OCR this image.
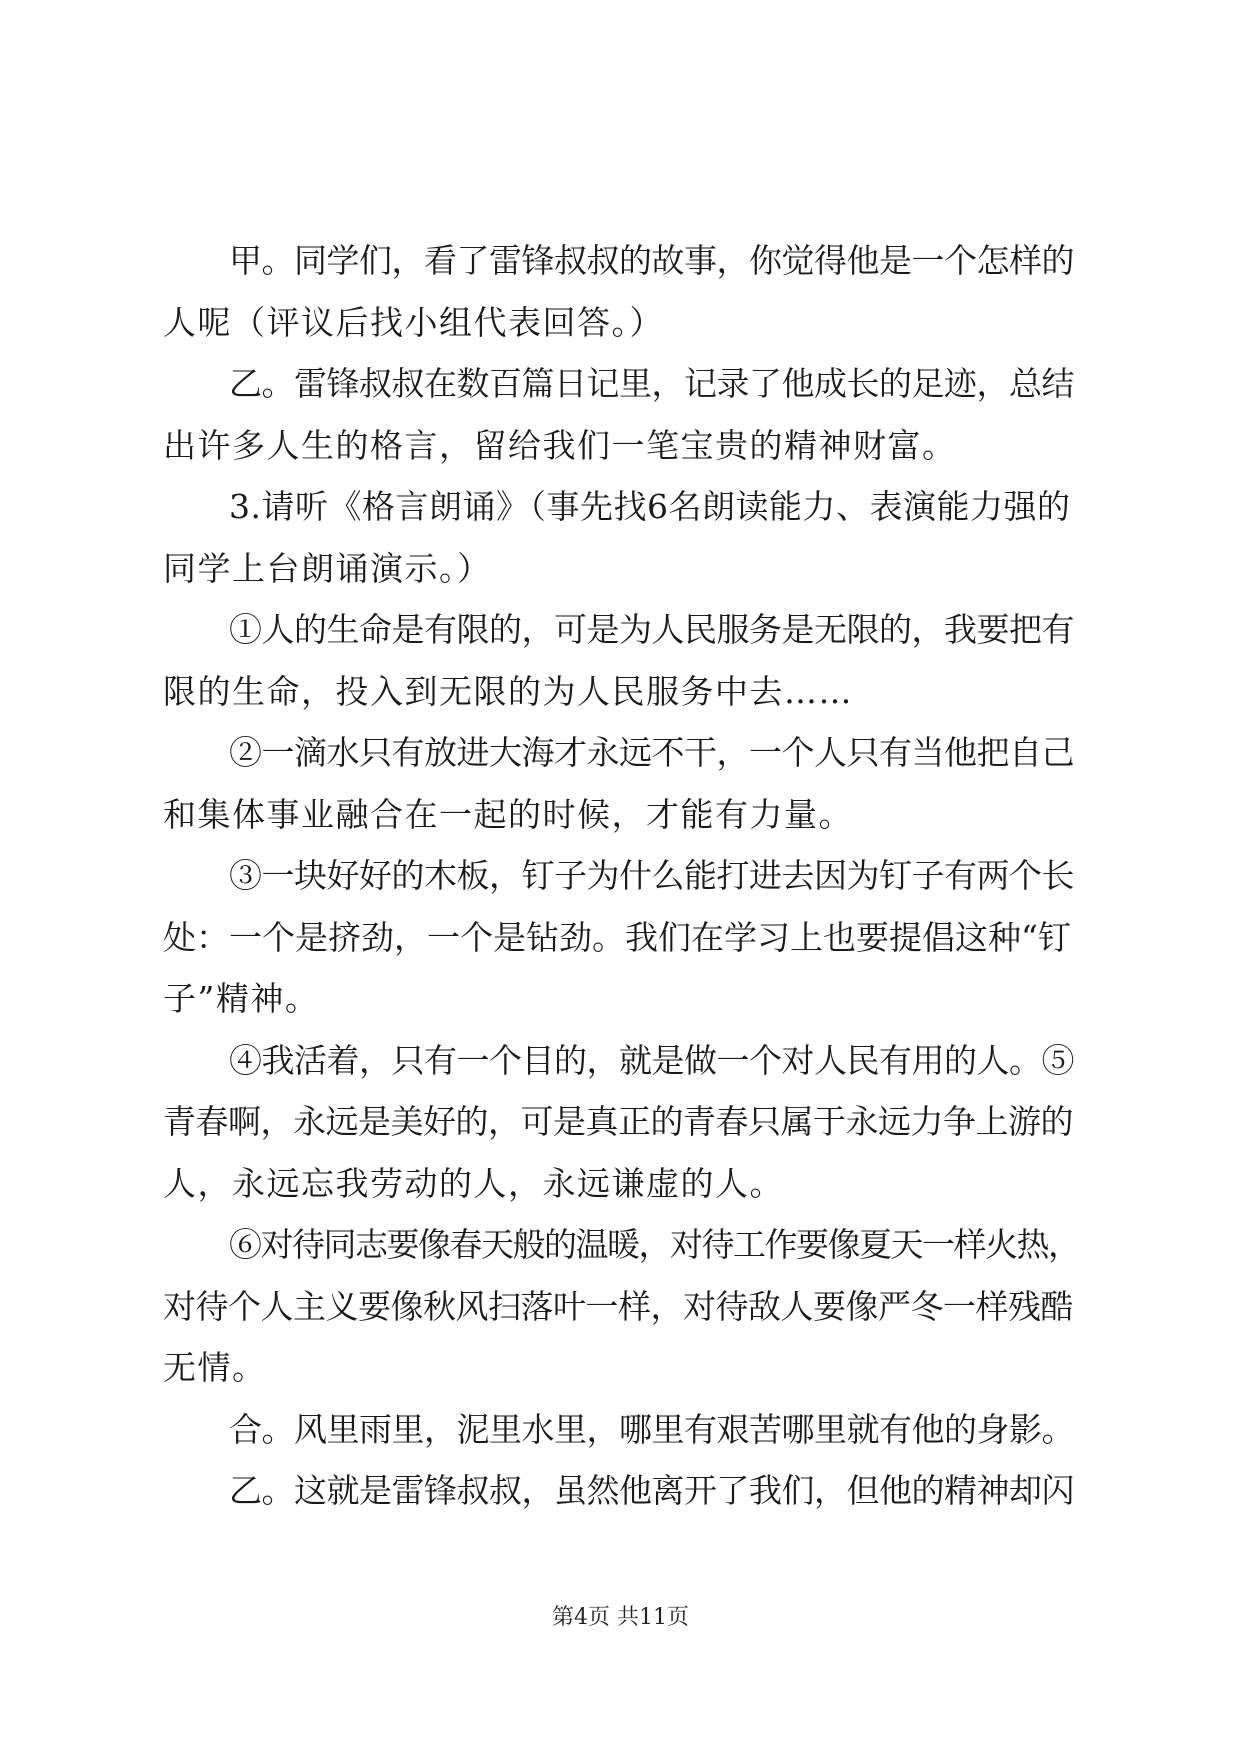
甲。同学们，看了雷锋叔叔的故事，你觉得他是一个怎样的
人呢（评议后找小组代表回答。）
乙。雷锋叔叔在数百篇日记里，记录了他成长的足迹，总结
出许多人生的格言，留给我们一笔宝贵的精神财富。
3.请听《格言朗诵》（事先找6名朗读能力、表演能力强的
同学上台朗诵演示。）
①人的生命是有限的，可是为人民服务是无限的，我要把有
限的生命，投入到无限的为人民服务中去……
②一滴水只有放进大海才永远不干，一个人只有当他把自己
和集体事业融合在一起的时候，才能有力量。
③一块好好的木板，钉子为什么能打进去因为钉子有两个长
处：一个是挤劲，一个是钻劲。我们在学习上也要提倡这种“钉
子”精神。
④我活着，只有一个目的，就是做一个对人民有用的人。⑤
青春啊，永远是美好的，可是真正的青春只属于永远力争上游的
人，永远忘我劳动的人，永远谦虚的人。
⑥对待同志要像春天般的温暖，对待工作要像夏天一样火热，
对待个人主义要像秋风扫落叶一样，对待敌人要像严冬一样残酷
无情。
合。风里雨里，泥里水里，哪里有艰苦哪里就有他的身影。
乙。这就是雷锋叔叔，虽然他离开了我们，但他的精神却闪
第4页 共11页
